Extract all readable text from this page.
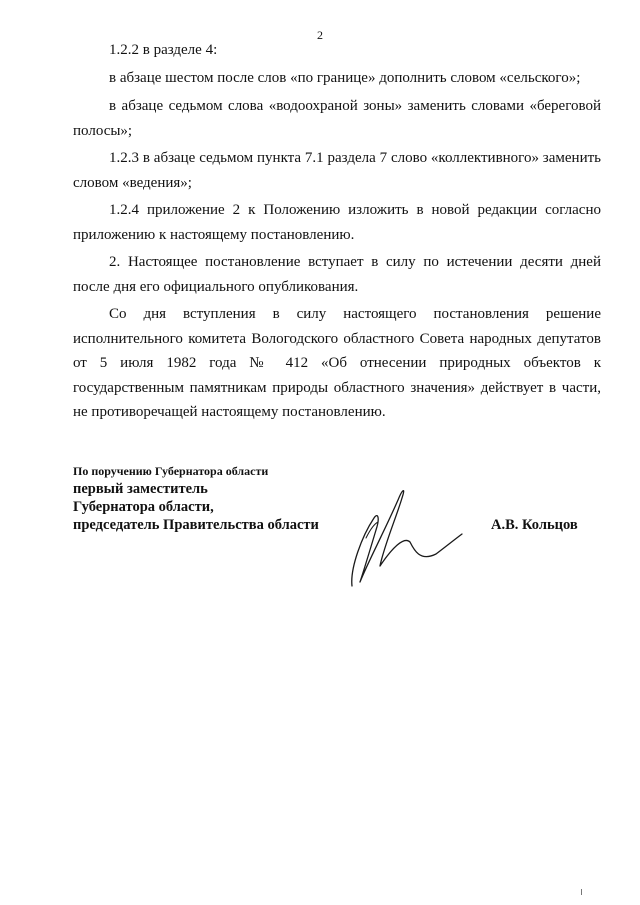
2

1.2.2 в разделе 4:

в абзаце шестом после слов «по границе» дополнить словом «сельского»;

в абзаце седьмом слова «водоохраной зоны» заменить словами «береговой полосы»;

1.2.3 в абзаце седьмом пункта 7.1 раздела 7 слово «коллективного» заменить словом «ведения»;

1.2.4 приложение 2 к Положению изложить в новой редакции согласно приложению к настоящему постановлению.

2. Настоящее постановление вступает в силу по истечении десяти дней после дня его официального опубликования.

Со дня вступления в силу настоящего постановления решение исполнительного комитета Вологодского областного Совета народных депутатов от 5 июля 1982 года № 412 «Об отнесении природных объектов к государственным памятникам природы областного значения» действует в части, не противоречащей настоящему постановлению.

По поручению Губернатора области
первый заместитель
Губернатора области,
председатель Правительства области	А.В. Кольцов
